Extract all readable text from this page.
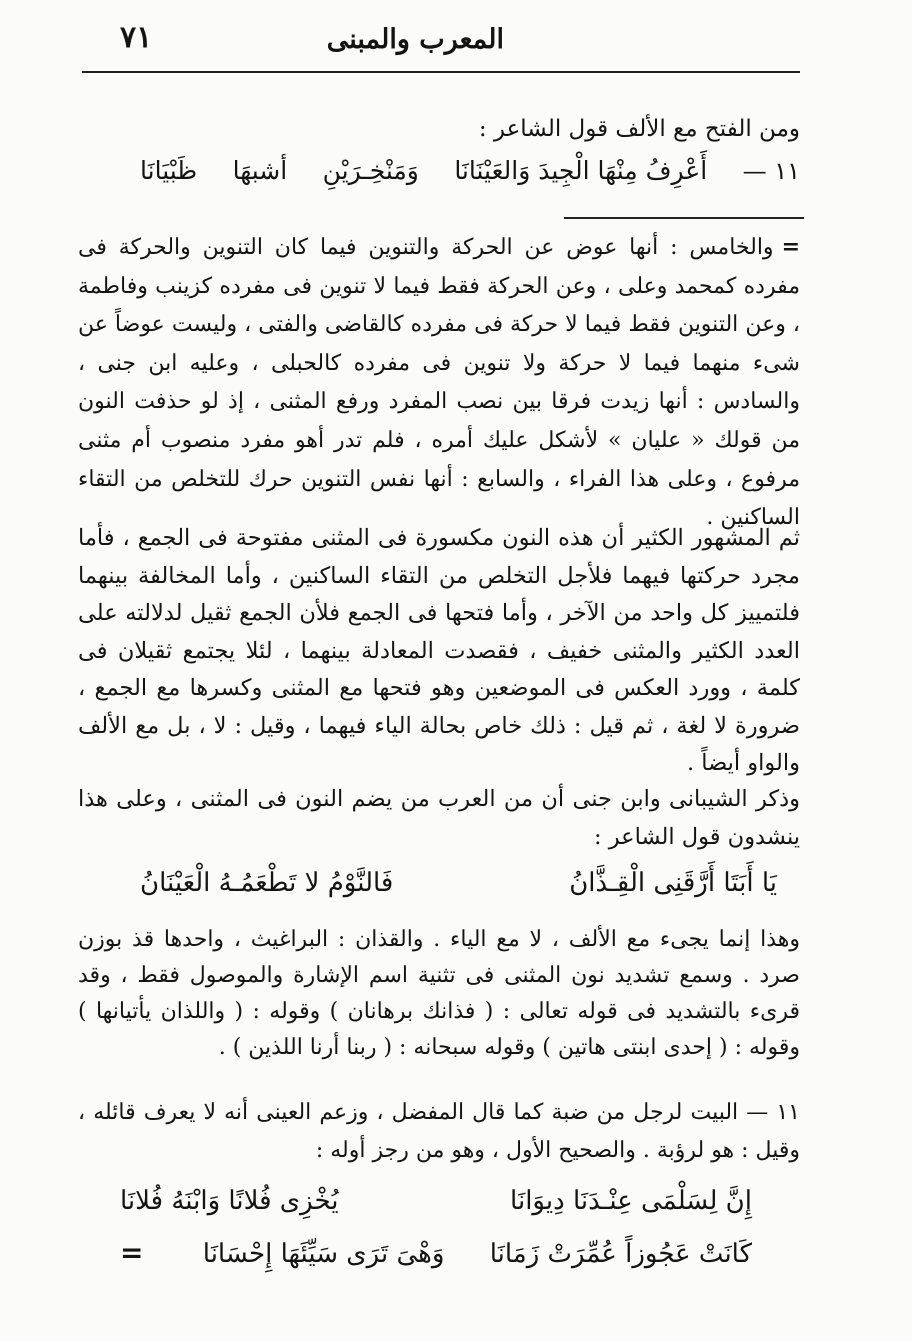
٧١	المعرب والمبنى

ومن الفتح مع الألف قول الشاعر :

١١ —
أَعْرِفُ مِنْهَا الْجِيدَ وَالعَيْنَانَا
وَمَنْخِـرَيْنِ
أشبهَا
ظَبْيَانَا

=والخامس : أنها عوض عن الحركة والتنوين فيما كان التنوين والحركة فى مفرده كمحمد وعلى ، وعن الحركة فقط فيما لا تنوين فى مفرده كزينب وفاطمة ، وعن التنوين فقط فيما لا حركة فى مفرده كالقاضى والفتى ، وليست عوضاً عن شىء منهما فيما لا حركة ولا تنوين فى مفرده كالحبلى ، وعليه ابن جنى ، والسادس : أنها زيدت فرقا بين نصب المفرد ورفع المثنى ، إذ لو حذفت النون من قولك « عليان » لأشكل عليك أمره ، فلم تدر أهو مفرد منصوب أم مثنى مرفوع ، وعلى هذا الفراء ، والسابع : أنها نفس التنوين حرك للتخلص من التقاء الساكنين .

ثم المشهور الكثير أن هذه النون مكسورة فى المثنى مفتوحة فى الجمع ، فأما مجرد حركتها فيهما فلأجل التخلص من التقاء الساكنين ، وأما المخالفة بينهما فلتمييز كل واحد من الآخر ، وأما فتحها فى الجمع فلأن الجمع ثقيل لدلالته على العدد الكثير والمثنى خفيف ، فقصدت المعادلة بينهما ، لئلا يجتمع ثقيلان فى كلمة ، وورد العكس فى الموضعين وهو فتحها مع المثنى وكسرها مع الجمع ، ضرورة لا لغة ، ثم قيل : ذلك خاص بحالة الياء فيهما ، وقيل : لا ، بل مع الألف والواو أيضاً .

وذكر الشيبانى وابن جنى أن من العرب من يضم النون فى المثنى ، وعلى هذا ينشدون قول الشاعر :

يَا أَبَتَا أَرَّقَنِى الْقِـذَّانُ
فَالنَّوْمُ لا تَطْعَمُـهُ الْعَيْنَانُ

وهذا إنما يجىء مع الألف ، لا مع الياء . والقذان : البراغيث ، واحدها قذ بوزن صرد . وسمع تشديد نون المثنى فى تثنية اسم الإشارة والموصول فقط ، وقد قرىء بالتشديد فى قوله تعالى : ( فذانك برهانان ) وقوله : ( واللذان يأتيانها ) وقوله : ( إحدى ابنتى هاتين ) وقوله سبحانه : ( ربنا أرنا اللذين ) .

١١ — البيت لرجل من ضبة كما قال المفضل ، وزعم العينى أنه لا يعرف قائله ، وقيل : هو لرؤبة . والصحيح الأول ، وهو من رجز أوله :

إِنَّ لِسَلْمَى عِنْـدَنَا دِيوَانَا
يُخْزِى فُلانًا وَابْنَهُ فُلانَا
كَانَتْ عَجُوزاً عُمِّرَتْ زَمَانَا
وَهْىَ تَرَى سَيِّئَهَا إِحْسَانَا
=
